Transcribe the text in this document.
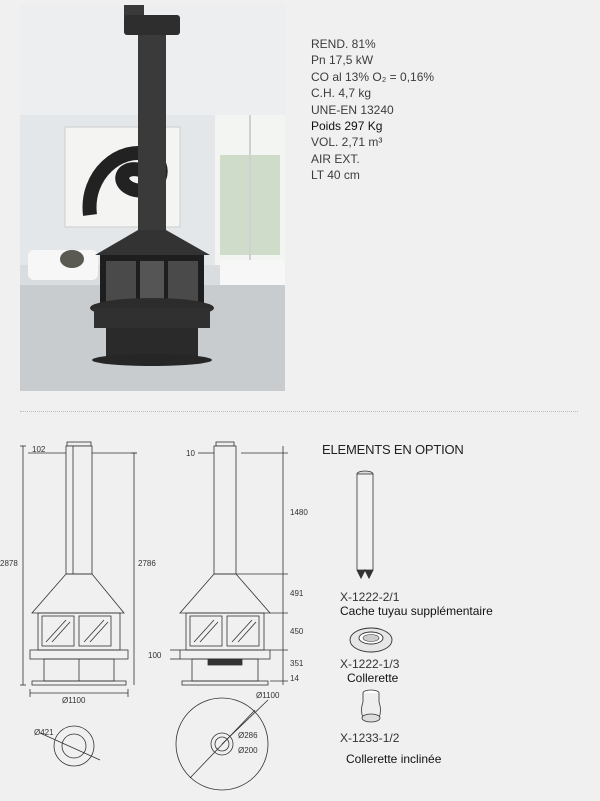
REND. 81%
Pn 17,5 kW
CO al 13% O₂ = 0,16%
C.H. 4,7 kg
UNE-EN 13240
Poids 297 Kg
VOL. 2,71 m³
AIR EXT.
LT 40 cm
102
2878	2786
Ø1100
Ø421
10
1480
491
450
100
351
14
Ø1100
Ø286
Ø200
ELEMENTS EN OPTION
X-1222-2/1
Cache tuyau supplémentaire
X-1222-1/3
Collerette
X-1233-1/2
Collerette inclinée
